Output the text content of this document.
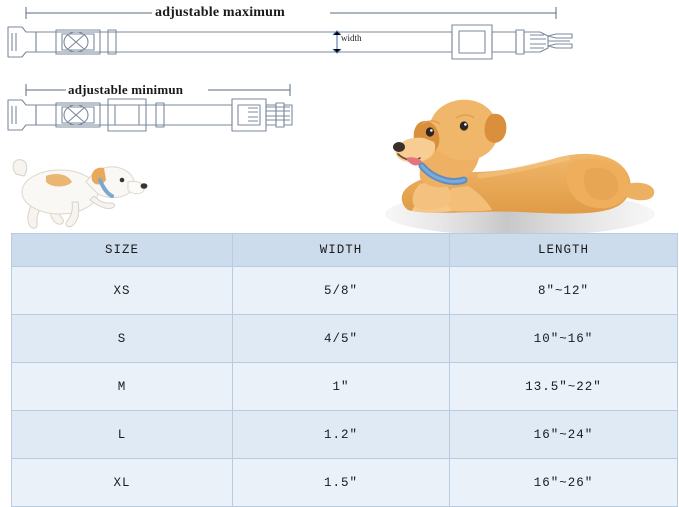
adjustable maximum
adjustable minimun
width
SIZE	WIDTH	LENGTH
XS	5/8"	8"~12"
S	4/5"	10"~16"
M	1"	13.5"~22"
L	1.2"	16"~24"
XL	1.5"	16"~26"
